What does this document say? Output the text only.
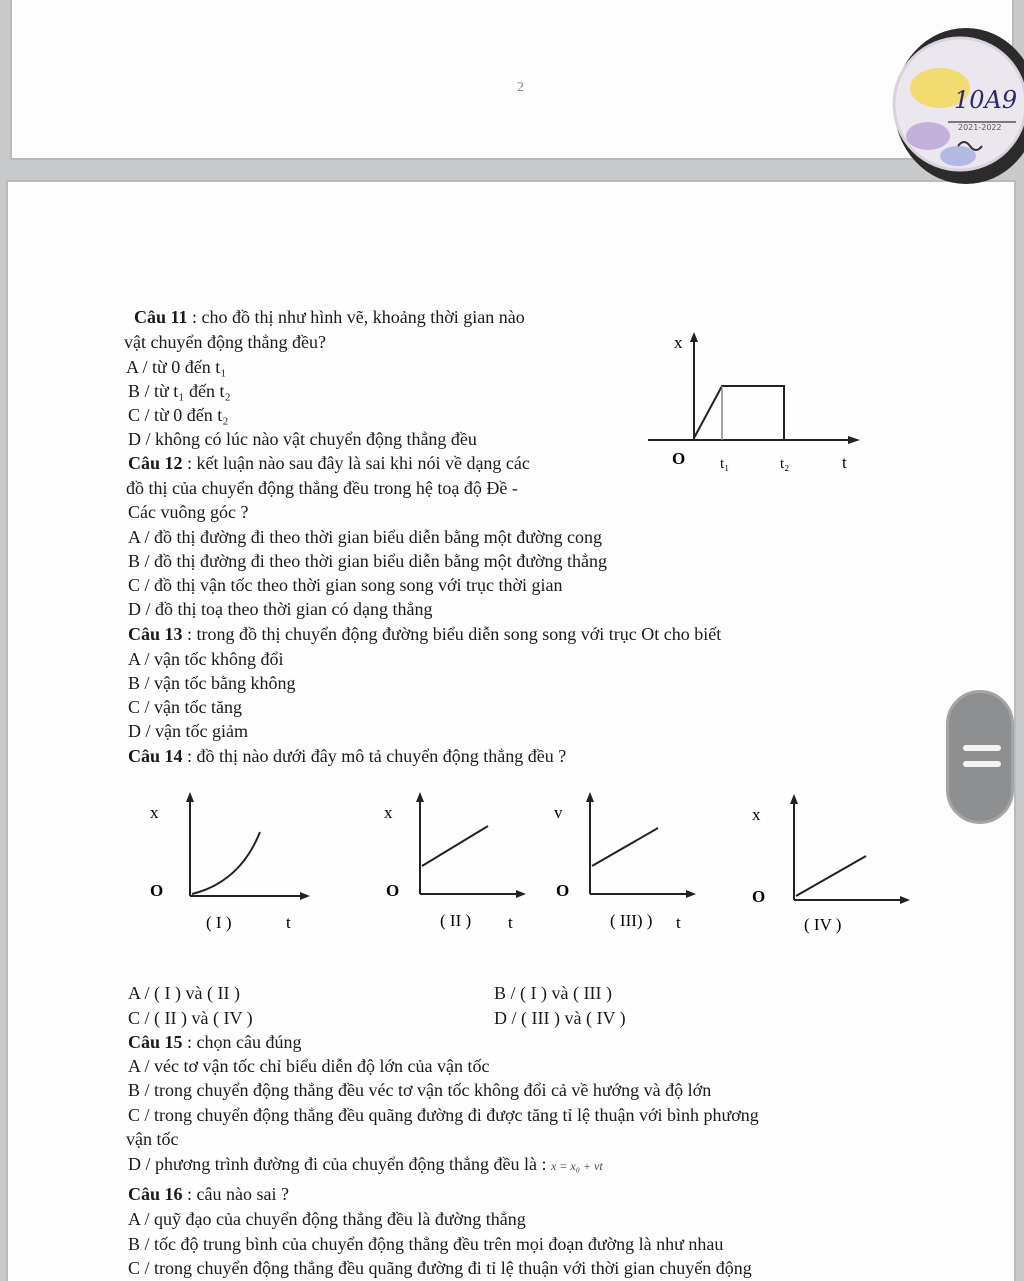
2	10A9
2021-2022
Câu 11 : cho đồ thị như hình vẽ, khoảng thời gian nào
vật chuyển động thẳng đều?
A / từ 0 đến t₁
B / từ t₁ đến t₂
C / từ 0 đến t₂
D / không có lúc nào vật chuyển động thẳng đều
x
O t₁	t₂	t
Câu 12 : kết luận nào sau đây là sai khi nói về dạng các
đồ thị của chuyển động thẳng đều trong hệ toạ độ Đề -
Các vuông góc ?
A / đồ thị đường đi theo thời gian biểu diễn bằng một đường cong
B / đồ thị đường đi theo thời gian biểu diễn bằng một đường thẳng
C / đồ thị vận tốc theo thời gian song song với trục thời gian
D / đồ thị toạ theo thời gian có dạng thẳng
Câu 13 : trong đồ thị chuyển động đường biểu diễn song song với trục Ot cho biết
A / vận tốc không đổi
B / vận tốc bằng không
C / vận tốc tăng
D / vận tốc giảm
Câu 14 : đồ thị nào dưới đây mô tả chuyển động thẳng đều ?
x
O
( I )	t
x
O
( II ) t
v
O
( III) ) t
x
O
( IV )
A / ( I ) và ( II )	B / ( I ) và ( III )
C / ( II ) và ( IV )	D / ( III ) và ( IV )
Câu 15 : chọn câu đúng
A / véc tơ vận tốc chỉ biểu diễn độ lớn của vận tốc
B / trong chuyển động thẳng đều véc tơ vận tốc không đổi cả về hướng và độ lớn
C / trong chuyển động thẳng đều quãng đường đi được tăng tỉ lệ thuận với bình phương
vận tốc
D / phương trình đường đi của chuyển động thẳng đều là : x = x₀ + vt
Câu 16 : câu nào sai ?
A / quỹ đạo của chuyển động thẳng đều là đường thẳng
B / tốc độ trung bình của chuyển động thẳng đều trên mọi đoạn đường là như nhau
C / trong chuyển động thẳng đều quãng đường đi tỉ lệ thuận với thời gian chuyển động
